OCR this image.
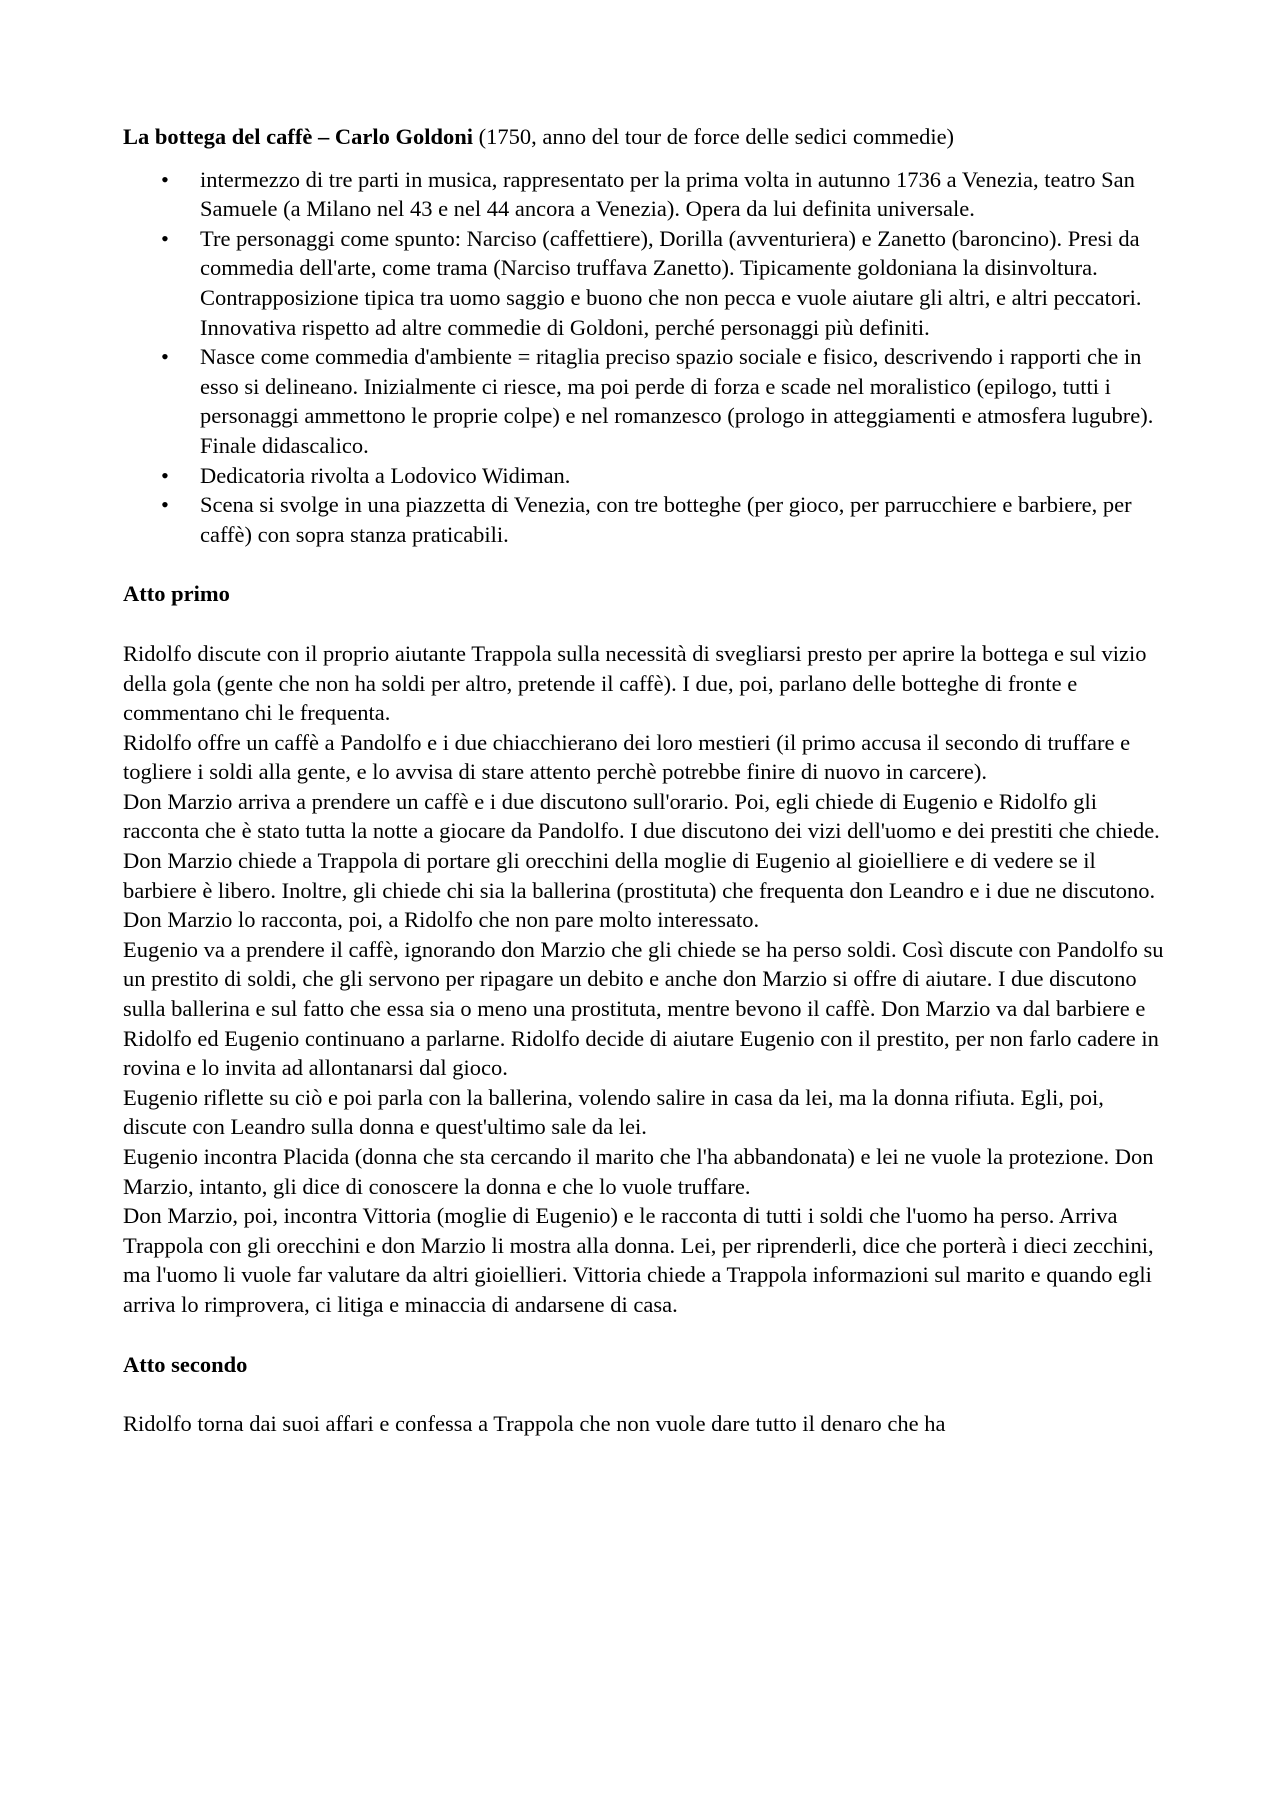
La bottega del caffè – Carlo Goldoni (1750, anno del tour de force delle sedici commedie)

• intermezzo di tre parti in musica, rappresentato per la prima volta in autunno 1736 a Venezia, teatro San Samuele (a Milano nel 43 e nel 44 ancora a Venezia). Opera da lui definita universale.
• Tre personaggi come spunto: Narciso (caffettiere), Dorilla (avventuriera) e Zanetto (baroncino). Presi da commedia dell'arte, come trama (Narciso truffava Zanetto). Tipicamente goldoniana la disinvoltura. Contrapposizione tipica tra uomo saggio e buono che non pecca e vuole aiutare gli altri, e altri peccatori. Innovativa rispetto ad altre commedie di Goldoni, perché personaggi più definiti.
• Nasce come commedia d'ambiente = ritaglia preciso spazio sociale e fisico, descrivendo i rapporti che in esso si delineano. Inizialmente ci riesce, ma poi perde di forza e scade nel moralistico (epilogo, tutti i personaggi ammettono le proprie colpe) e nel romanzesco (prologo in atteggiamenti e atmosfera lugubre). Finale didascalico.
• Dedicatoria rivolta a Lodovico Widiman.
• Scena si svolge in una piazzetta di Venezia, con tre botteghe (per gioco, per parrucchiere e barbiere, per caffè) con sopra stanza praticabili.
Atto primo

Ridolfo discute con il proprio aiutante Trappola sulla necessità di svegliarsi presto per aprire la bottega e sul vizio della gola (gente che non ha soldi per altro, pretende il caffè). I due, poi, parlano delle botteghe di fronte e commentano chi le frequenta.

Ridolfo offre un caffè a Pandolfo e i due chiacchierano dei loro mestieri (il primo accusa il secondo di truffare e togliere i soldi alla gente, e lo avvisa di stare attento perchè potrebbe finire di nuovo in carcere).

Don Marzio arriva a prendere un caffè e i due discutono sull'orario. Poi, egli chiede di Eugenio e Ridolfo gli racconta che è stato tutta la notte a giocare da Pandolfo. I due discutono dei vizi dell'uomo e dei prestiti che chiede.

Don Marzio chiede a Trappola di portare gli orecchini della moglie di Eugenio al gioielliere e di vedere se il barbiere è libero. Inoltre, gli chiede chi sia la ballerina (prostituta) che frequenta don Leandro e i due ne discutono. Don Marzio lo racconta, poi, a Ridolfo che non pare molto interessato.

Eugenio va a prendere il caffè, ignorando don Marzio che gli chiede se ha perso soldi. Così discute con Pandolfo su un prestito di soldi, che gli servono per ripagare un debito e anche don Marzio si offre di aiutare. I due discutono sulla ballerina e sul fatto che essa sia o meno una prostituta, mentre bevono il caffè. Don Marzio va dal barbiere e Ridolfo ed Eugenio continuano a parlarne. Ridolfo decide di aiutare Eugenio con il prestito, per non farlo cadere in rovina e lo invita ad allontanarsi dal gioco.

Eugenio riflette su ciò e poi parla con la ballerina, volendo salire in casa da lei, ma la donna rifiuta. Egli, poi, discute con Leandro sulla donna e quest'ultimo sale da lei.

Eugenio incontra Placida (donna che sta cercando il marito che l'ha abbandonata) e lei ne vuole la protezione. Don Marzio, intanto, gli dice di conoscere la donna e che lo vuole truffare.

Don Marzio, poi, incontra Vittoria (moglie di Eugenio) e le racconta di tutti i soldi che l'uomo ha perso. Arriva Trappola con gli orecchini e don Marzio li mostra alla donna. Lei, per riprenderli, dice che porterà i dieci zecchini, ma l'uomo li vuole far valutare da altri gioiellieri. Vittoria chiede a Trappola informazioni sul marito e quando egli arriva lo rimprovera, ci litiga e minaccia di andarsene di casa.

Atto secondo

Ridolfo torna dai suoi affari e confessa a Trappola che non vuole dare tutto il denaro che ha
